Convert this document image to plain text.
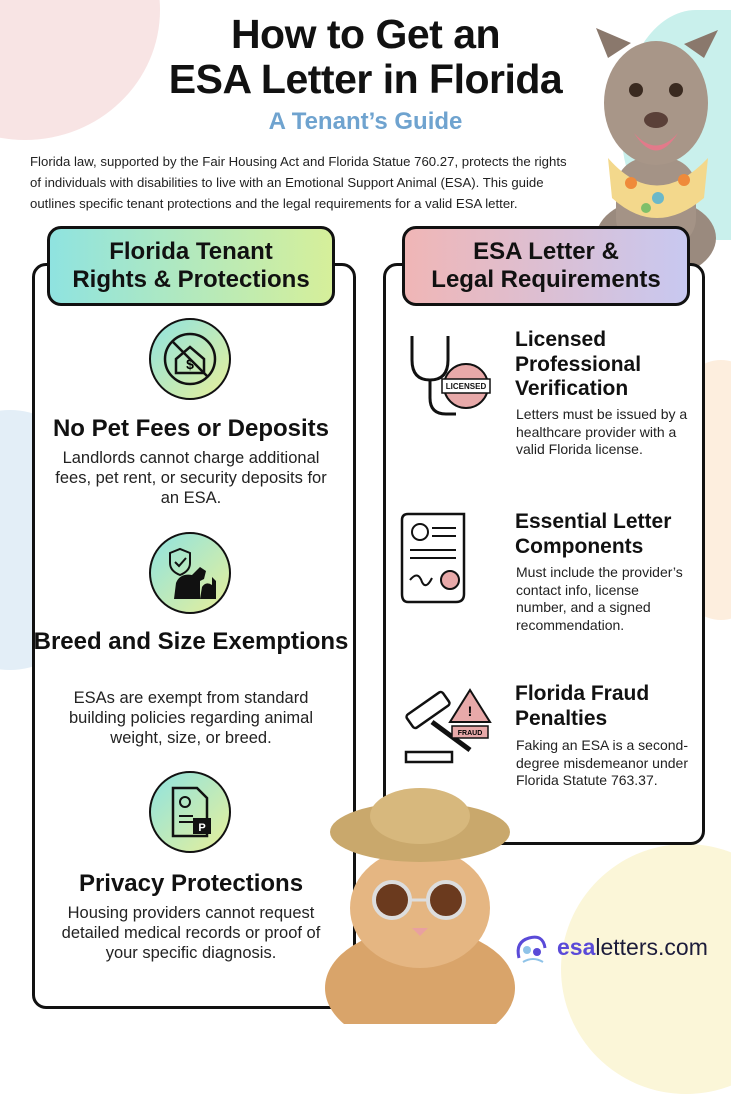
How to Get an
ESA Letter in Florida
A Tenant’s Guide
Florida law, supported by the Fair Housing Act and Florida Statue 760.27, protects the rights of individuals with disabilities to live with an Emotional Support Animal (ESA). This guide outlines specific tenant protections and the legal requirements for a valid ESA letter.
Florida Tenant
Rights & Protections
$
No Pet Fees or Deposits
Landlords cannot charge additional fees, pet rent, or security deposits for an ESA.
Breed and Size Exemptions
ESAs are exempt from standard building policies regarding animal weight, size, or breed.
P
Privacy Protections
Housing providers cannot request detailed medical records or proof of your specific diagnosis.
ESA Letter &
Legal Requirements
LICENSED
Licensed Professional Verification
Letters must be issued by a healthcare provider with a valid Florida license.
Essential Letter Components
Must include the provider’s contact info, license number, and a signed recommendation.
!
FRAUD
Florida Fraud Penalties
Faking an ESA is a second-degree misdemeanor under Florida Statute 763.37.
esaletters.com
